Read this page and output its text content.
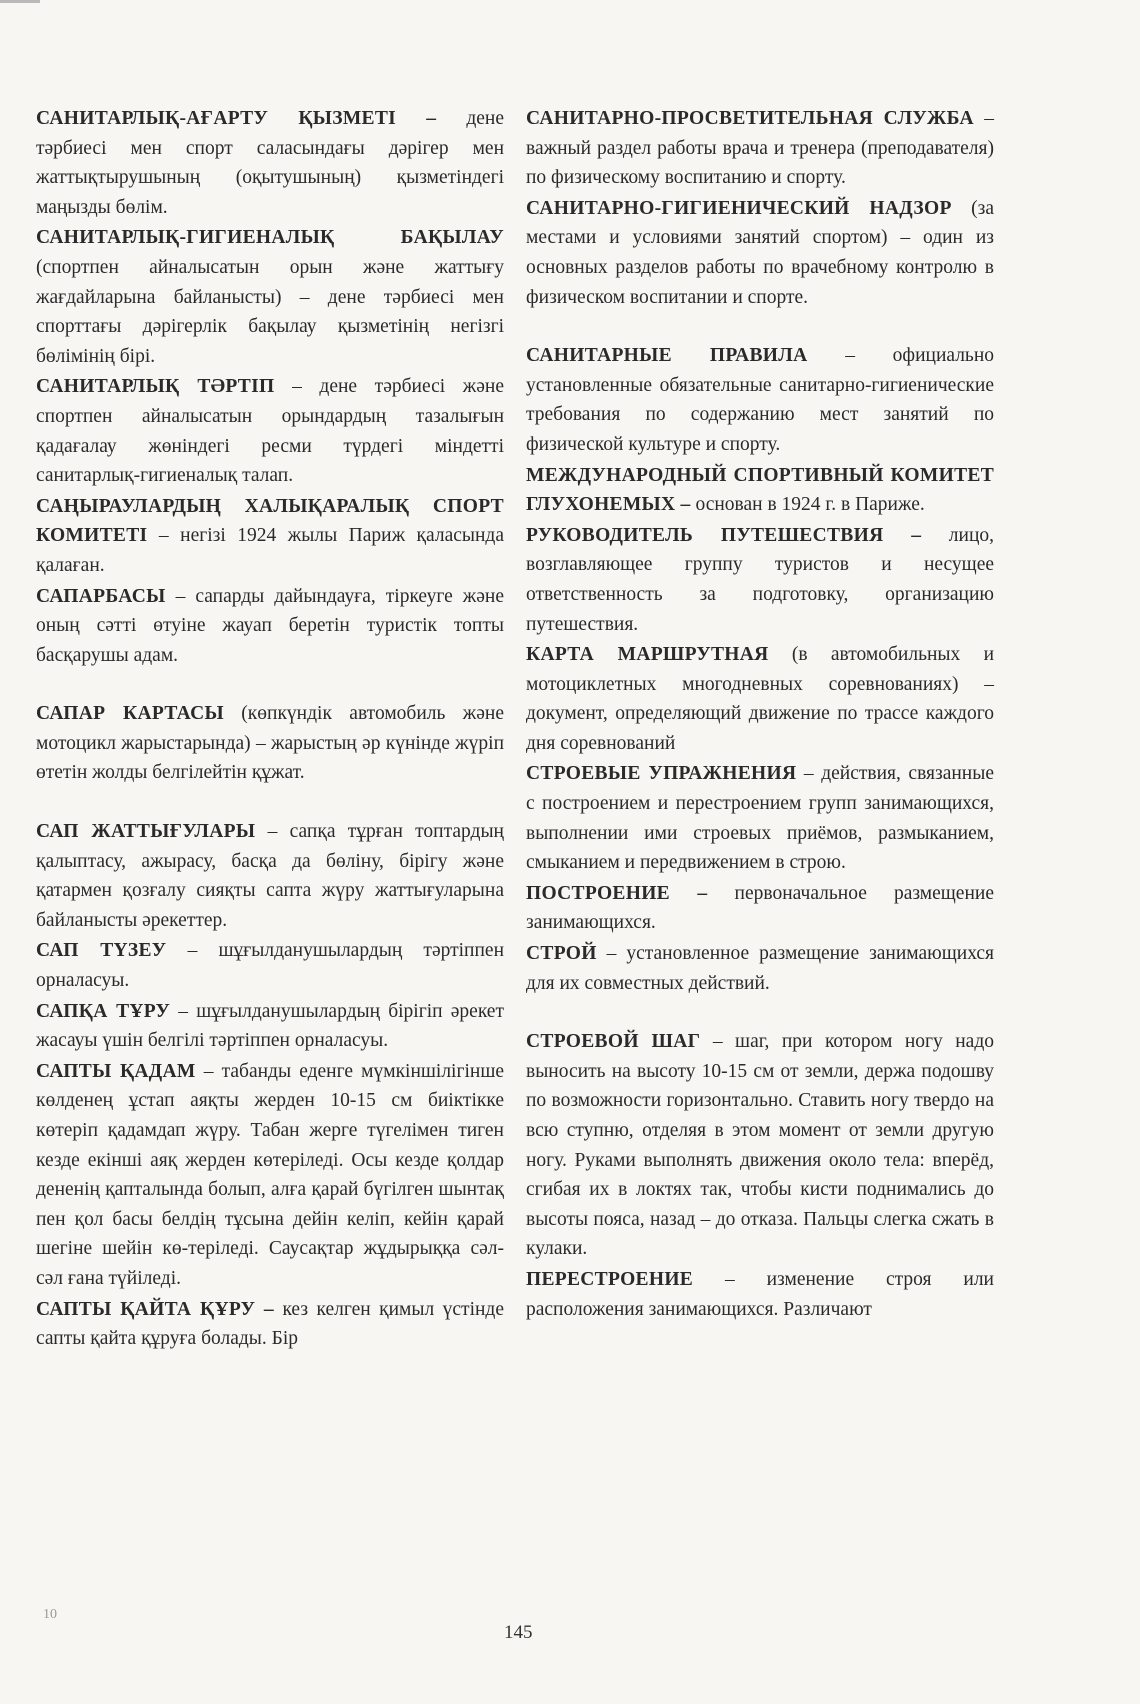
САНИТАРЛЫҚ-АҒАРТУ ҚЫЗМЕТІ – дене тәрбиесі мен спорт саласындағы дәрігер мен жаттықтырушының (оқытушының) қызметіндегі маңызды бөлім.

САНИТАРЛЫҚ-ГИГИЕНАЛЫҚ БАҚЫЛАУ (спортпен айналысатын орын және жаттығу жағдайларына байланысты) – дене тәрбиесі мен спорттағы дәрігерлік бақылау қызметінің негізгі бөлімінің бірі.

САНИТАРЛЫҚ ТӘРТІП – дене тәрбиесі және спортпен айналысатын орындардың тазалығын қадағалау жөніндегі ресми түрдегі міндетті санитарлық-гигиеналық талап.

САҢЫРАУЛАРДЫҢ ХАЛЫҚАРАЛЫҚ СПОРТ КОМИТЕТІ – негізі 1924 жылы Париж қаласында қалаған.

САПАРБАСЫ – сапарды дайындауға, тіркеуге және оның сәтті өтуіне жауап беретін туристік топты басқарушы адам.

САПАР КАРТАСЫ (көпкүндік автомобиль және мотоцикл жарыстарында) – жарыстың әр күнінде жүріп өтетін жолды белгілейтін құжат.

САП ЖАТТЫҒУЛАРЫ – сапқа тұрған топтардың қалыптасу, ажырасу, басқа да бөліну, бірігу және қатармен қозғалу сияқты сапта жүру жаттығуларына байланысты әрекеттер.

САП ТҮЗЕУ – шұғылданушылардың тәртіппен орналасуы.

САПҚА ТҰРУ – шұғылданушылардың бірігіп әрекет жасауы үшін белгілі тәртіппен орналасуы.

САПТЫ ҚАДАМ – табанды еденге мүмкіншілігінше көлденең ұстап аяқты жерден 10-15 см биіктікке көтеріп қадамдап жүру. Табан жерге түгелімен тиген кезде екінші аяқ жерден көтеріледі. Осы кезде қолдар дененің қапталында болып, алға қарай бүгілген шынтақ пен қол басы белдің тұсына дейін келіп, кейін қарай шегіне шейін кө-теріледі. Саусақтар жұдырыққа сәл-сәл ғана түйіледі.

САПТЫ ҚАЙТА ҚҰРУ – кез келген қимыл үстінде сапты қайта құруға болады. Бір

САНИТАРНО-ПРОСВЕТИТЕЛЬНАЯ СЛУЖБА – важный раздел работы врача и тренера (преподавателя) по физическому воспитанию и спорту.

САНИТАРНО-ГИГИЕНИЧЕСКИЙ НАДЗОР (за местами и условиями занятий спортом) – один из основных разделов работы по врачебному контролю в физическом воспитании и спорте.

САНИТАРНЫЕ ПРАВИЛА – официально установленные обязательные санитарно-гигиенические требования по содержанию мест занятий по физической культуре и спорту.

МЕЖДУНАРОДНЫЙ СПОРТИВНЫЙ КОМИТЕТ ГЛУХОНЕМЫХ – основан в 1924 г. в Париже.

РУКОВОДИТЕЛЬ ПУТЕШЕСТВИЯ – лицо, возглавляющее группу туристов и несущее ответственность за подготовку, организацию путешествия.

КАРТА МАРШРУТНАЯ (в автомобильных и мотоциклетных многодневных соревнованиях) – документ, определяющий движение по трассе каждого дня соревнований

СТРОЕВЫЕ УПРАЖНЕНИЯ – действия, связанные с построением и перестроением групп занимающихся, выполнении ими строевых приёмов, размыканием, смыканием и передвижением в строю.

ПОСТРОЕНИЕ – первоначальное размещение занимающихся.

СТРОЙ – установленное размещение занимающихся для их совместных действий.

СТРОЕВОЙ ШАГ – шаг, при котором ногу надо выносить на высоту 10-15 см от земли, держа подошву по возможности горизонтально. Ставить ногу твердо на всю ступню, отделяя в этом момент от земли другую ногу. Руками выполнять движения около тела: вперёд, сгибая их в локтях так, чтобы кисти поднимались до высоты пояса, назад – до отказа. Пальцы слегка сжать в кулаки.

ПЕРЕСТРОЕНИЕ – изменение строя или расположения занимающихся. Различают

10
145
